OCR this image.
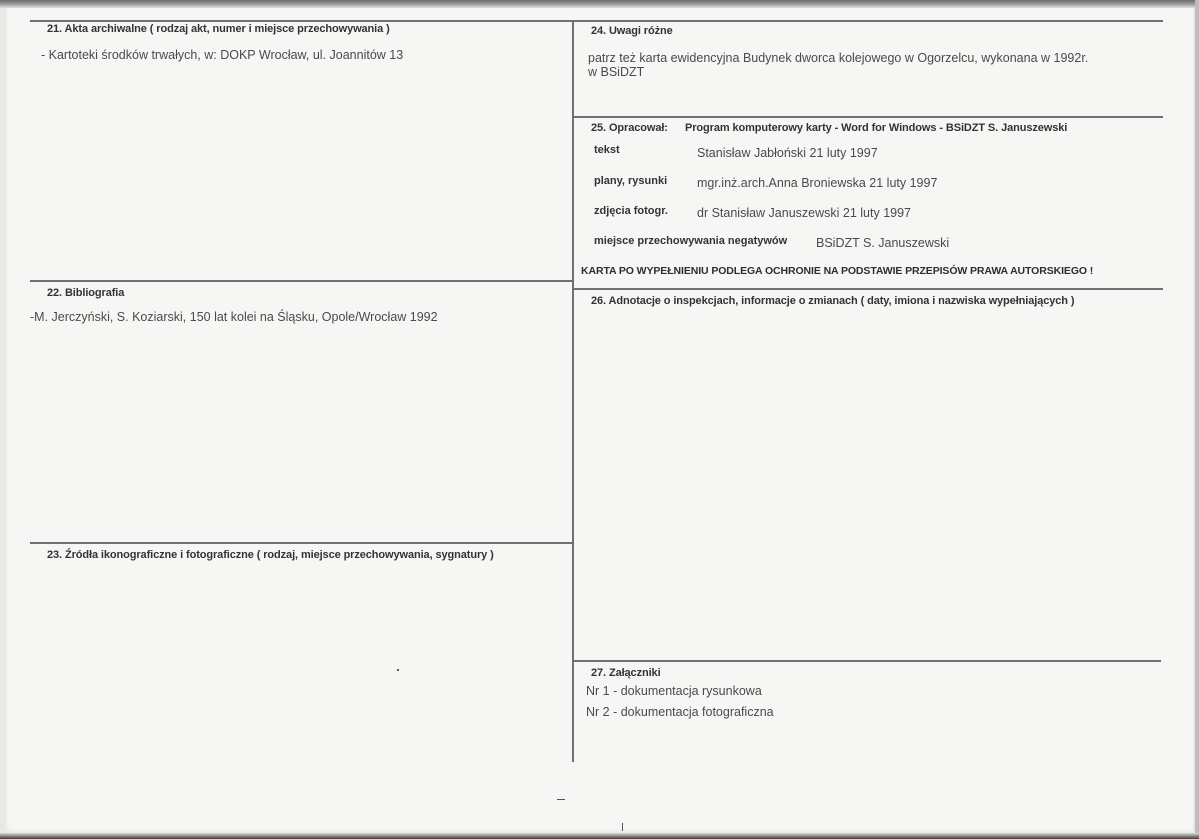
21. Akta archiwalne ( rodzaj akt, numer i miejsce przechowywania )
- Kartoteki środków trwałych, w: DOKP Wrocław, ul. Joannitów 13
22. Bibliografia
-M. Jerczyński, S. Koziarski, 150 lat kolei na Śląsku, Opole/Wrocław 1992
23. Źródła ikonograficzne i fotograficzne ( rodzaj, miejsce przechowywania, sygnatury )
24. Uwagi różne
patrz też karta ewidencyjna Budynek dworca kolejowego w Ogorzelcu, wykonana w 1992r.
w BSiDZT
25. Opracował: Program komputerowy karty - Word for Windows - BSiDZT S. Januszewski
tekst	Stanisław Jabłoński 21 luty 1997
plany, rysunki mgr.inż.arch.Anna Broniewska 21 luty 1997
zdjęcia fotogr. dr Stanisław Januszewski 21 luty 1997
miejsce przechowywania negatywów BSiDZT S. Januszewski
KARTA PO WYPEŁNIENIU PODLEGA OCHRONIE NA PODSTAWIE PRZEPISÓW PRAWA AUTORSKIEGO !
26. Adnotacje o inspekcjach, informacje o zmianach ( daty, imiona i nazwiska wypełniających )
27. Załączniki
Nr 1 - dokumentacja rysunkowa
Nr 2 - dokumentacja fotograficzna
